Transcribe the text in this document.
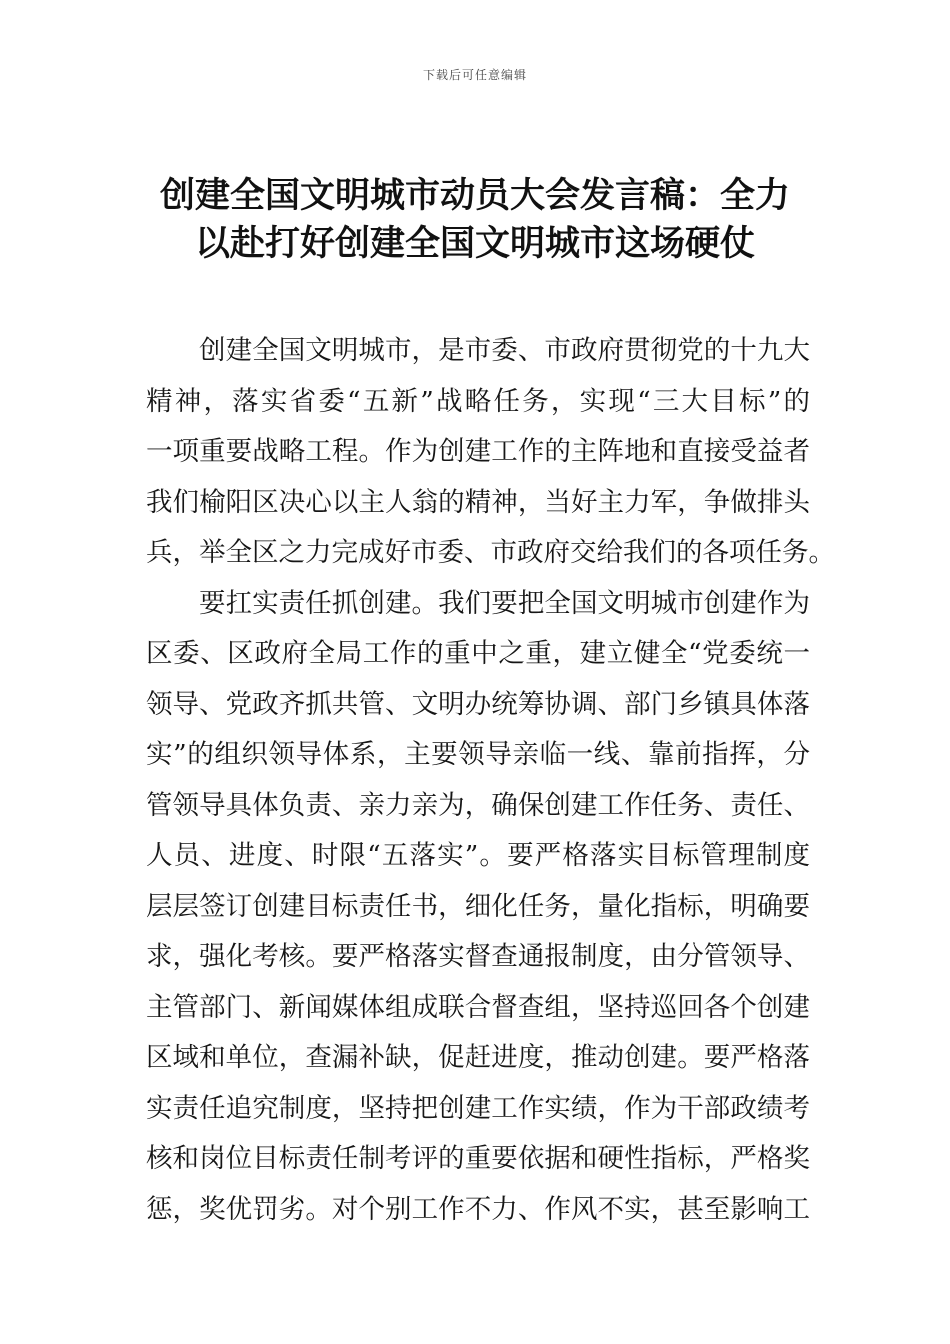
下载后可任意编辑
创建全国文明城市动员大会发言稿：全力
以赴打好创建全国文明城市这场硬仗
创建全国文明城市，是市委、市政府贯彻党的十九大
精神，落实省委“五新”战略任务，实现“三大目标”的
一项重要战略工程。作为创建工作的主阵地和直接受益者
我们榆阳区决心以主人翁的精神，当好主力军，争做排头
兵，举全区之力完成好市委、市政府交给我们的各项任务。
要扛实责任抓创建。我们要把全国文明城市创建作为
区委、区政府全局工作的重中之重，建立健全“党委统一
领导、党政齐抓共管、文明办统筹协调、部门乡镇具体落
实”的组织领导体系，主要领导亲临一线、靠前指挥，分
管领导具体负责、亲力亲为，确保创建工作任务、责任、
人员、进度、时限“五落实”。要严格落实目标管理制度
层层签订创建目标责任书，细化任务，量化指标，明确要
求，强化考核。要严格落实督查通报制度，由分管领导、
主管部门、新闻媒体组成联合督查组，坚持巡回各个创建
区域和单位，查漏补缺，促赶进度，推动创建。要严格落
实责任追究制度，坚持把创建工作实绩，作为干部政绩考
核和岗位目标责任制考评的重要依据和硬性指标，严格奖
惩，奖优罚劣。对个别工作不力、作风不实，甚至影响工
